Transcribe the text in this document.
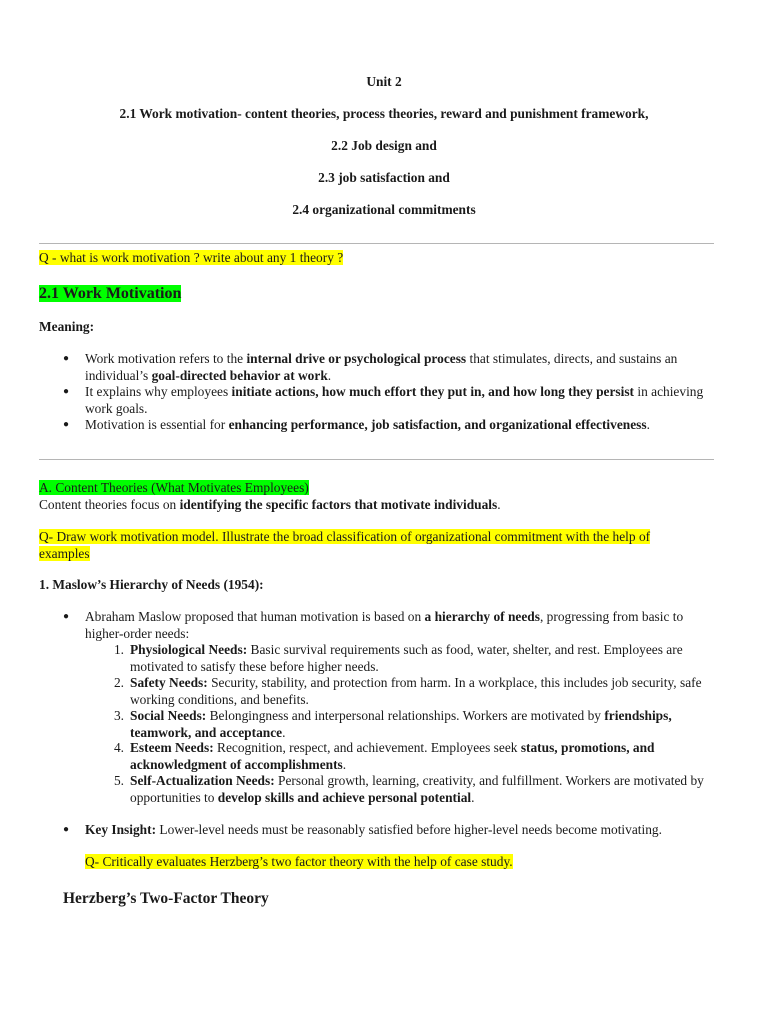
Unit 2
2.1 Work motivation- content theories, process theories, reward and punishment framework,
2.2 Job design and
2.3 job satisfaction and
2.4 organizational commitments
Q - what is work motivation ? write about any 1 theory ?
2.1 Work Motivation
Meaning:
● Work motivation refers to the internal drive or psychological process that stimulates, directs, and sustains an individual’s goal-directed behavior at work.
● It explains why employees initiate actions, how much effort they put in, and how long they persist in achieving work goals.
● Motivation is essential for enhancing performance, job satisfaction, and organizational effectiveness.
A. Content Theories (What Motivates Employees)
Content theories focus on identifying the specific factors that motivate individuals.
Q- Draw work motivation model. Illustrate the broad classification of organizational commitment with the help of examples
1. Maslow’s Hierarchy of Needs (1954):
● Abraham Maslow proposed that human motivation is based on a hierarchy of needs, progressing from basic to higher-order needs:
1. Physiological Needs: Basic survival requirements such as food, water, shelter, and rest. Employees are motivated to satisfy these before higher needs.
2. Safety Needs: Security, stability, and protection from harm. In a workplace, this includes job security, safe working conditions, and benefits.
3. Social Needs: Belongingness and interpersonal relationships. Workers are motivated by friendships, teamwork, and acceptance.
4. Esteem Needs: Recognition, respect, and achievement. Employees seek status, promotions, and acknowledgment of accomplishments.
5. Self-Actualization Needs: Personal growth, learning, creativity, and fulfillment. Workers are motivated by opportunities to develop skills and achieve personal potential.
● Key Insight: Lower-level needs must be reasonably satisfied before higher-level needs become motivating.
Q- Critically evaluates Herzberg’s two factor theory with the help of case study.
Herzberg’s Two-Factor Theory
